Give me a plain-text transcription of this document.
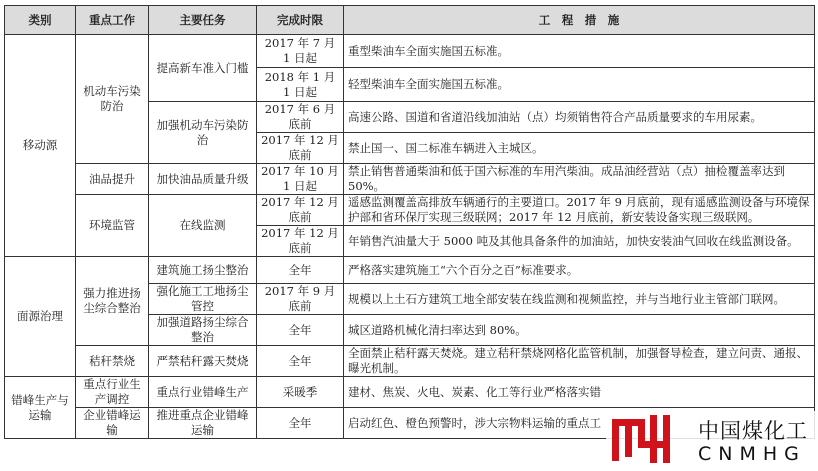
类别	重点工作	主要任务	完成时限	工　程　措　施
移动源	机动车污染防治	提高新车准入门槛	2017 年 7 月 1 日起	重型柴油车全面实施国五标准。
			2018 年 1 月 1 日起	轻型柴油车全面实施国五标准。
		加强机动车污染防治	2017 年 6 月底前	高速公路、国道和省道沿线加油站（点）均须销售符合产品质量要求的车用尿素。
			2017 年 12 月底前	禁止国一、国二标准车辆进入主城区。
	油品提升	加快油品质量升级	2017 年 10 月 1 日起	禁止销售普通柴油和低于国六标准的车用汽柴油。成品油经营站（点）抽检覆盖率达到 50%。
	环境监管	在线监测	2017 年 12 月底前	遥感监测覆盖高排放车辆通行的主要道口。2017 年 9 月底前，现有遥感监测设备与环境保护部和省环保厅实现三级联网；2017 年 12 月底前，新安装设备实现三级联网。
			2017 年 12 月底前	年销售汽油量大于 5000 吨及其他具备条件的加油站，加快安装油气回收在线监测设备。
面源治理	强力推进扬尘综合整治	建筑施工扬尘整治	全年	严格落实建筑施工“六个百分之百”标准要求。
		强化施工工地扬尘管控	2017 年 9 月底前	规模以上土石方建筑工地全部安装在线监测和视频监控，并与当地行业主管部门联网。
		加强道路扬尘综合整治	全年	城区道路机械化清扫率达到 80%。
	秸秆禁烧	严禁秸秆露天焚烧	全年	全面禁止秸秆露天焚烧。建立秸秆禁烧网格化监管机制，加强督导检查，建立问责、通报、曝光机制。
错峰生产与运输	重点行业生产调控	重点行业错峰生产	采暖季	建材、焦炭、火电、炭素、化工等行业严格落实错
	企业错峰运输	推进重点企业错峰运输	全年	启动红色、橙色预警时，涉大宗物料运输的重点工	中国煤化工
CNMHG
